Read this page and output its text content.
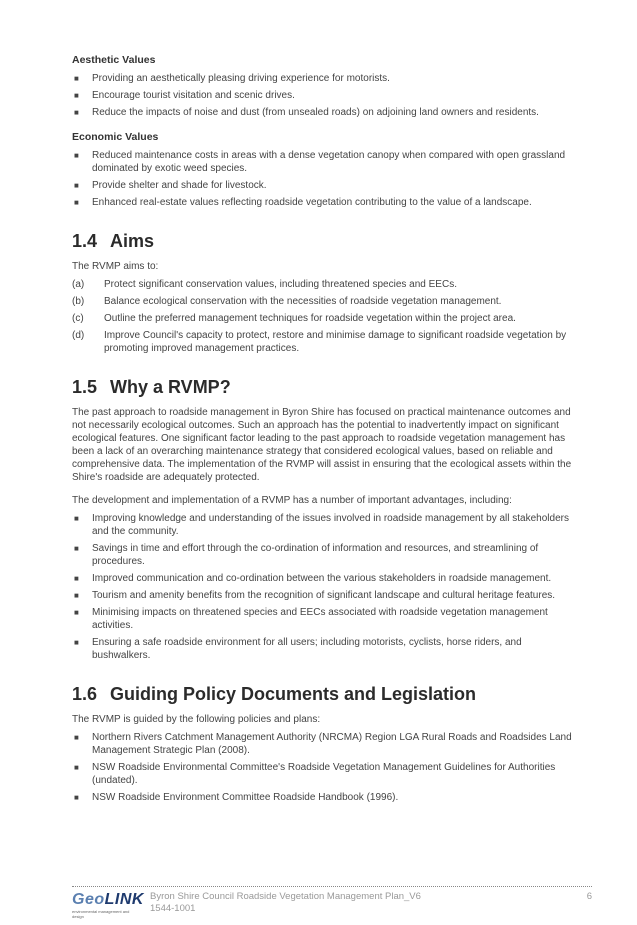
Aesthetic Values
■ Providing an aesthetically pleasing driving experience for motorists.
■ Encourage tourist visitation and scenic drives.
■ Reduce the impacts of noise and dust (from unsealed roads) on adjoining land owners and residents.
Economic Values
■ Reduced maintenance costs in areas with a dense vegetation canopy when compared with open grassland dominated by exotic weed species.
■ Provide shelter and shade for livestock.
■ Enhanced real-estate values reflecting roadside vegetation contributing to the value of a landscape.
1.4 Aims

The RVMP aims to:

(a) Protect significant conservation values, including threatened species and EECs.
(b) Balance ecological conservation with the necessities of roadside vegetation management.
(c) Outline the preferred management techniques for roadside vegetation within the project area.
(d) Improve Council's capacity to protect, restore and minimise damage to significant roadside vegetation by promoting improved management practices.
1.5 Why a RVMP?

The past approach to roadside management in Byron Shire has focused on practical maintenance outcomes and not necessarily ecological outcomes. Such an approach has the potential to inadvertently impact on significant ecological features. One significant factor leading to the past approach to roadside vegetation management has been a lack of an overarching maintenance strategy that considered ecological values, based on reliable and comprehensive data. The implementation of the RVMP will assist in ensuring that the ecological assets within the Shire's roadside are adequately protected.

The development and implementation of a RVMP has a number of important advantages, including:

■ Improving knowledge and understanding of the issues involved in roadside management by all stakeholders and the community.
■ Savings in time and effort through the co-ordination of information and resources, and streamlining of procedures.
■ Improved communication and co-ordination between the various stakeholders in roadside management.
■ Tourism and amenity benefits from the recognition of significant landscape and cultural heritage features.
■ Minimising impacts on threatened species and EECs associated with roadside vegetation management activities.
■ Ensuring a safe roadside environment for all users; including motorists, cyclists, horse riders, and bushwalkers.
1.6 Guiding Policy Documents and Legislation

The RVMP is guided by the following policies and plans:

■ Northern Rivers Catchment Management Authority (NRCMA) Region LGA Rural Roads and Roadsides Land Management Strategic Plan (2008).
■ NSW Roadside Environmental Committee's Roadside Vegetation Management Guidelines for Authorities (undated).
■ NSW Roadside Environment Committee Roadside Handbook (1996).
GeoLINK
environmental management and design
Byron Shire Council Roadside Vegetation Management Plan_V6
1544-1001
6
